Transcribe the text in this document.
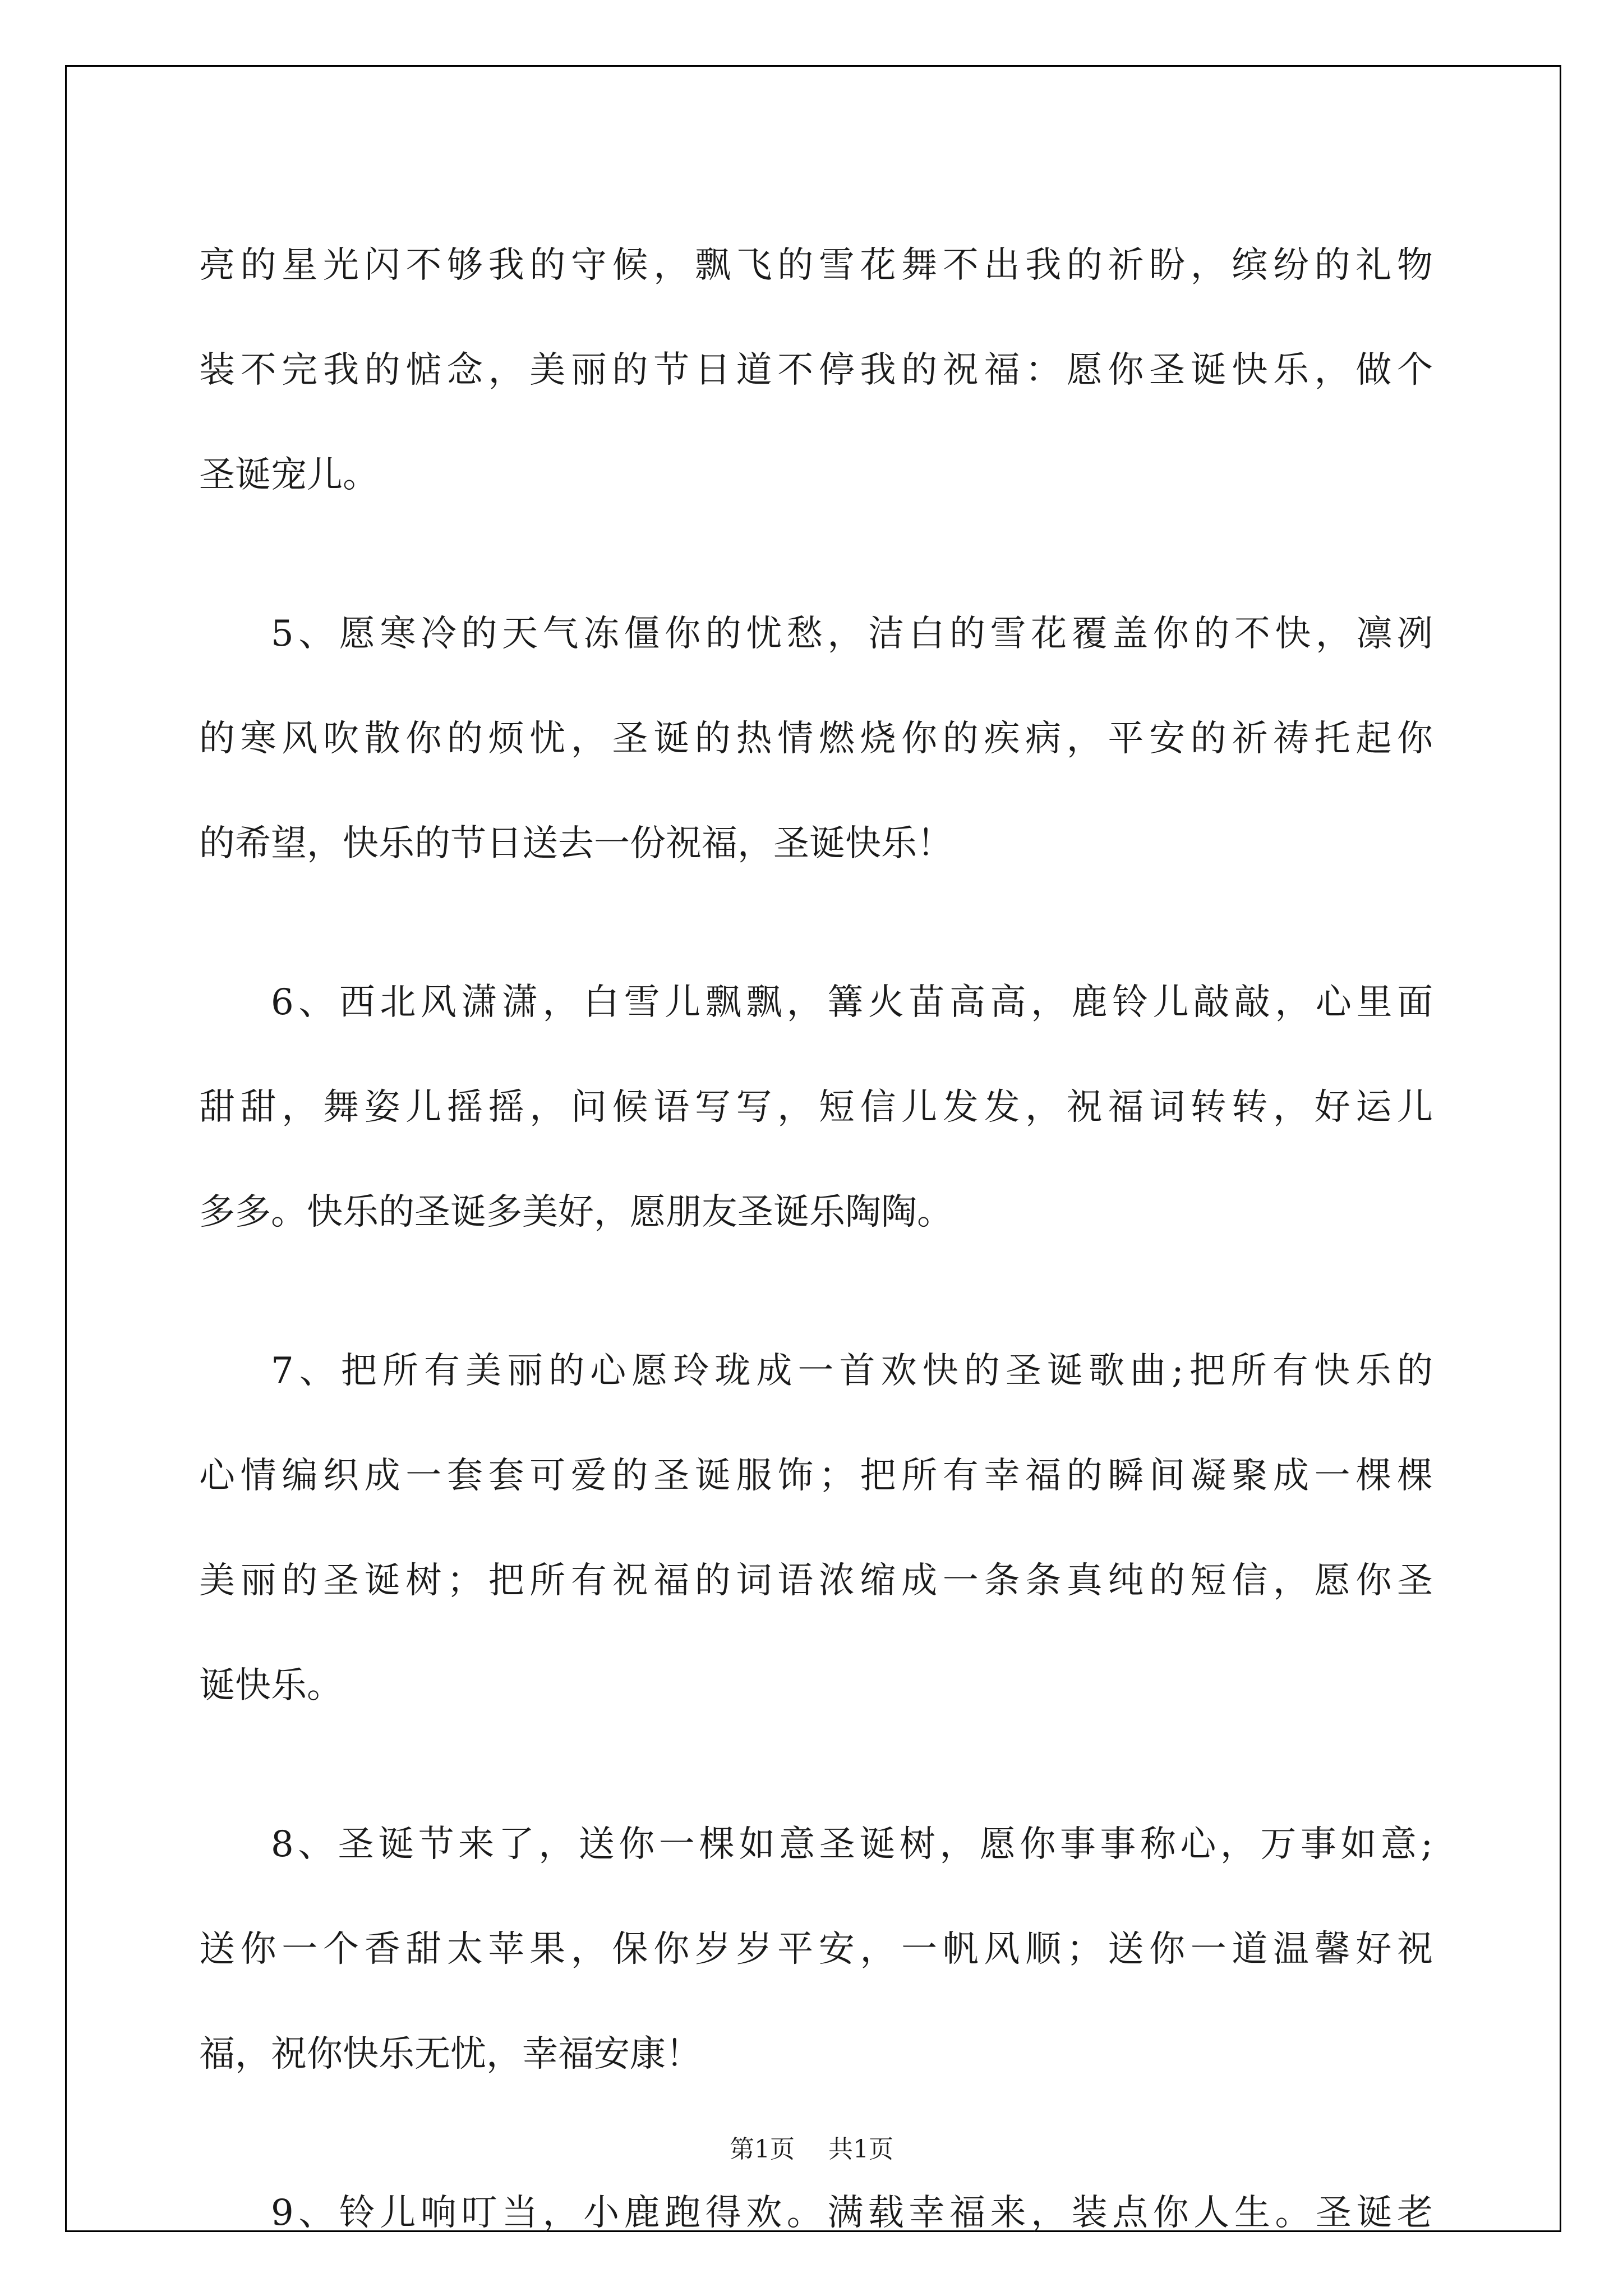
亮的星光闪不够我的守候，飘飞的雪花舞不出我的祈盼，缤纷的礼物
装不完我的惦念，美丽的节日道不停我的祝福：愿你圣诞快乐，做个
圣诞宠儿。
5、愿寒冷的天气冻僵你的忧愁，洁白的雪花覆盖你的不快，凛冽
的寒风吹散你的烦忧，圣诞的热情燃烧你的疾病，平安的祈祷托起你
的希望，快乐的节日送去一份祝福，圣诞快乐！
6、西北风潇潇，白雪儿飘飘，篝火苗高高，鹿铃儿敲敲，心里面
甜甜，舞姿儿摇摇，问候语写写，短信儿发发，祝福词转转，好运儿
多多。快乐的圣诞多美好，愿朋友圣诞乐陶陶。
7、把所有美丽的心愿玲珑成一首欢快的圣诞歌曲;把所有快乐的
心情编织成一套套可爱的圣诞服饰；把所有幸福的瞬间凝聚成一棵棵
美丽的圣诞树；把所有祝福的词语浓缩成一条条真纯的短信，愿你圣
诞快乐。
8、圣诞节来了，送你一棵如意圣诞树，愿你事事称心，万事如意;
送你一个香甜太苹果，保你岁岁平安，一帆风顺；送你一道温馨好祝
福，祝你快乐无忧，幸福安康！
9、铃儿响叮当，小鹿跑得欢。满载幸福来，装点你人生。圣诞老
第1页 共1页
